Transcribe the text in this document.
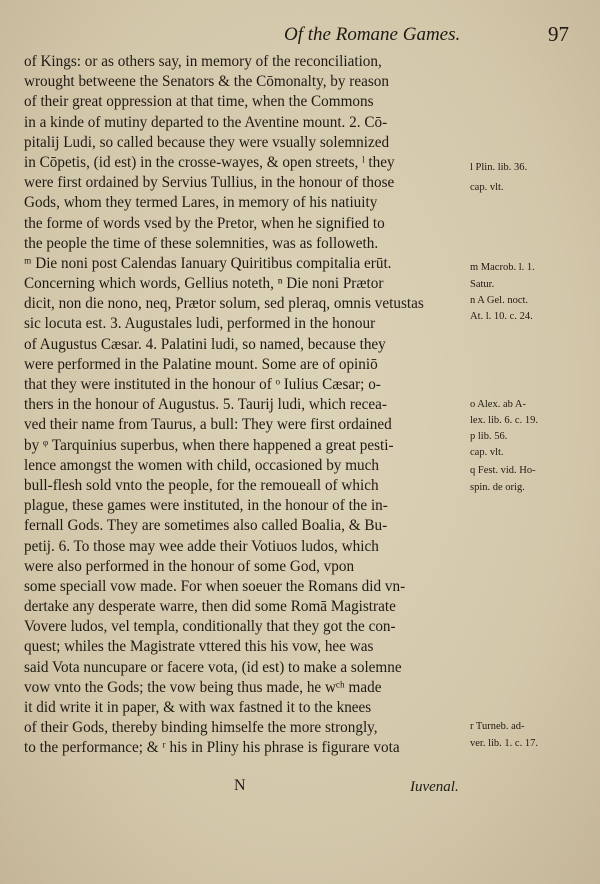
Of the Romane Games.	97
of Kings: or as others say, in memory of the reconciliation,
wrought betweene the Senators & the Cōmonalty, by reason
of their great oppression at that time, when the Commons
in a kinde of mutiny departed to the Aventine mount. 2. Cō-
pitalij Ludi, so called because they were vsually solemnized
in Cōpetis, (id est) in the crosse-wayes, & open streets, ˡ they
were first ordained by Servius Tullius, in the honour of those
Gods, whom they termed Lares, in memory of his natiuity
the forme of words vsed by the Pretor, when he signified to
the people the time of these solemnities, was as followeth.
ᵐ Die noni post Calendas Ianuary Quiritibus compitalia erūt.
Concerning which words, Gellius noteth, ⁿ Die noni Prætor
dicit, non die nono, neq, Prætor solum, sed pleraq, omnis vetustas
sic locuta est. 3. Augustales ludi, performed in the honour
of Augustus Cæsar. 4. Palatini ludi, so named, because they
were performed in the Palatine mount. Some are of opiniō
that they were instituted in the honour of ᵒ Iulius Cæsar; o-
thers in the honour of Augustus. 5. Taurij ludi, which recea-
ved their name from Taurus, a bull: They were first ordained
by ᵠ Tarquinius superbus, when there happened a great pesti-
lence amongst the women with child, occasioned by much
bull-flesh sold vnto the people, for the remoueall of which
plague, these games were instituted, in the honour of the in-
fernall Gods. They are sometimes also called Boalia, & Bu-
petij. 6. To those may wee adde their Votiuos ludos, which
were also performed in the honour of some God, vpon
some speciall vow made. For when soeuer the Romans did vn-
dertake any desperate warre, then did some Romā Magistrate
Vovere ludos, vel templa, conditionally that they got the con-
quest; whiles the Magistrate vttered this his vow, hee was
said Vota nuncupare or facere vota, (id est) to make a solemne
vow vnto the Gods; the vow being thus made, he wᶜʰ made
it did write it in paper, & with wax fastned it to the knees
of their Gods, thereby binding himselfe the more strongly,
to the performance; & ʳ his in Pliny his phrase is figurare vota
l Plin. lib. 36.
cap. vlt.
m Macrob. l. 1.
Satur.
n A Gel. noct.
At. l. 10. c. 24.
o Alex. ab A-
lex. lib. 6. c. 19.
p lib. 56.
cap. vlt.
q Fest. vid. Ho-
spin. de orig.
r Turneb. ad-
ver. lib. 1. c. 17.
N	Iuvenal.
